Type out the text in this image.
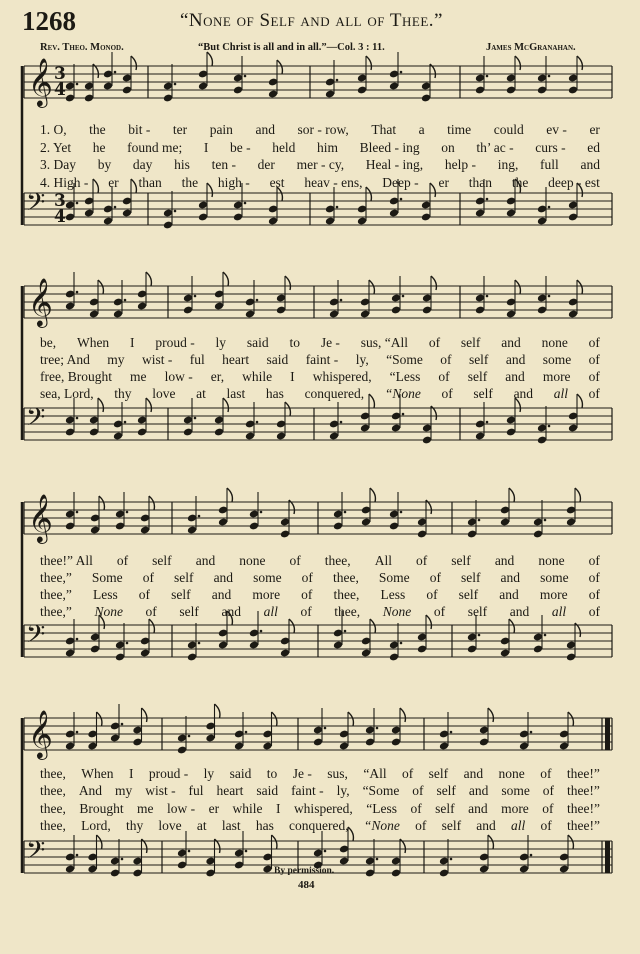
1268	“None of Self and all of Thee.”
Rev. Theo. Monod.	“But Christ is all and in all.”—Col. 3 : 11.	James McGranahan.
𝄞
𝄢
𝄞
𝄢
𝄞
𝄢
𝄞
𝄢
3
4
3
4
1. O, the bit - ter pain and sor - row, That a time could ev - er
2. Yet he found me; I be - held him Bleed - ing on th’ ac - curs - ed
3. Day by day his ten - der mer - cy, Heal - ing, help - ing, full and
4. High - er than the high - est heav - ens, Deep - er than the deep - est
be, When I proud - ly said to Je - sus, “All of self and none of
tree; And my wist - ful heart said faint - ly, “Some of self and some of
free, Brought me low - er, while I whispered, “Less of self and more of
sea, Lord, thy love at last has conquered, “None of self and all of
thee!” All of self and none of thee, All of self and none of
thee,” Some of self and some of thee, Some of self and some of
thee,” Less of self and more of thee, Less of self and more of
thee,” None of self and all of thee, None of self and all of
thee, When I proud - ly said to Je - sus, “All of self and none of thee!”
thee, And my wist - ful heart said faint - ly, “Some of self and some of thee!”
thee, Brought me low - er while I whispered, “Less of self and more of thee!”
thee, Lord, thy love at last has conquered, “None of self and all of thee!”
By permission.
484
